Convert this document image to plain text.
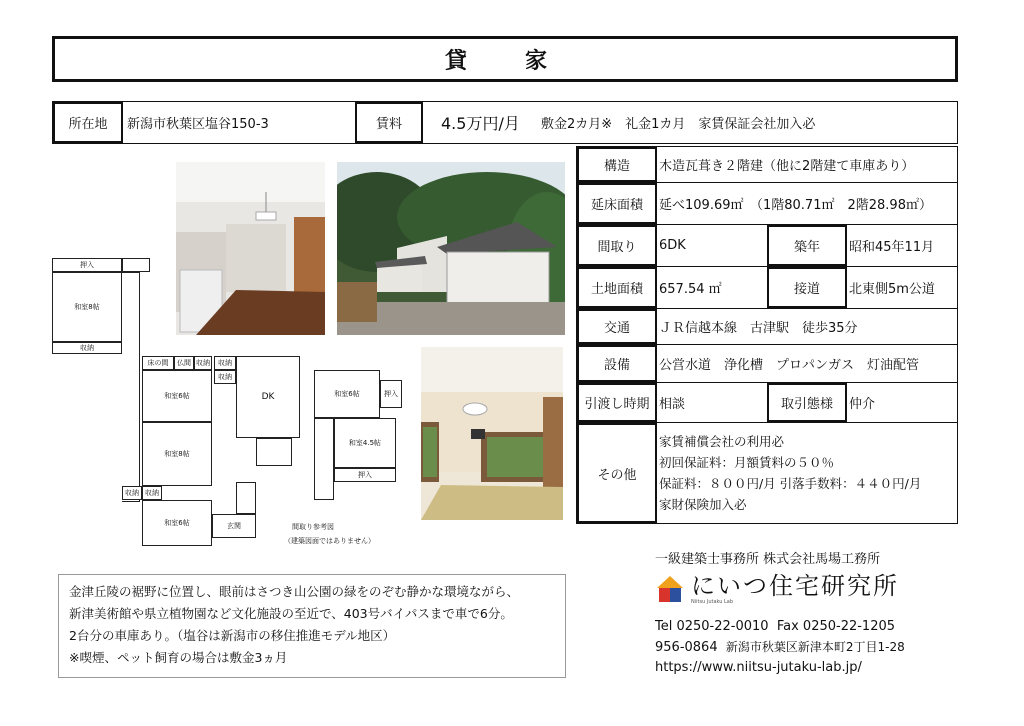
貸　家
所在地	新潟市秋葉区塩谷150-3	賃料	4.5万円/月 敷金2カ月※　礼金1カ月　家賃保証会社加入必
押入
和室8帖
収納
床の間	仏間 収納	収納
収納
和室6帖	DK
和室8帖
収納 収納
和室6帖	玄関
和室6帖	押入
和室4.5帖
押入
間取り参考図
（建築図面ではありません）
構造	木造瓦葺き２階建（他に2階建て車庫あり）
延床面積	延べ109.69㎡　（1階80.71㎡　2階28.98㎡）
間取り	6DK	築年	昭和45年11月
土地面積	657.54 ㎡	接道	北東側5m公道
交通	ＪＲ信越本線　古津駅　徒歩35分
設備	公営水道　浄化槽　プロパンガス　灯油配管
引渡し時期 相談	取引態様	仲介
その他
家賃補償会社の利用必
初回保証料：月額賃料の５０％
保証料：８００円/月 引落手数料：４４０円/月
家財保険加入必
金津丘陵の裾野に位置し、眼前はさつき山公園の緑をのぞむ静かな環境ながら、
新津美術館や県立植物園など文化施設の至近で、403号バイパスまで車で6分。
2台分の車庫あり。（塩谷は新潟市の移住推進モデル地区）
※喫煙、ペット飼育の場合は敷金3ヵ月
一級建築士事務所 株式会社馬場工務所
にいつ住宅研究所
Niitsu Jutaku Lab
Tel 0250-22-0010 Fax 0250-22-1205
956-0864 新潟市秋葉区新津本町2丁目1-28
https://www.niitsu-jutaku-lab.jp/
